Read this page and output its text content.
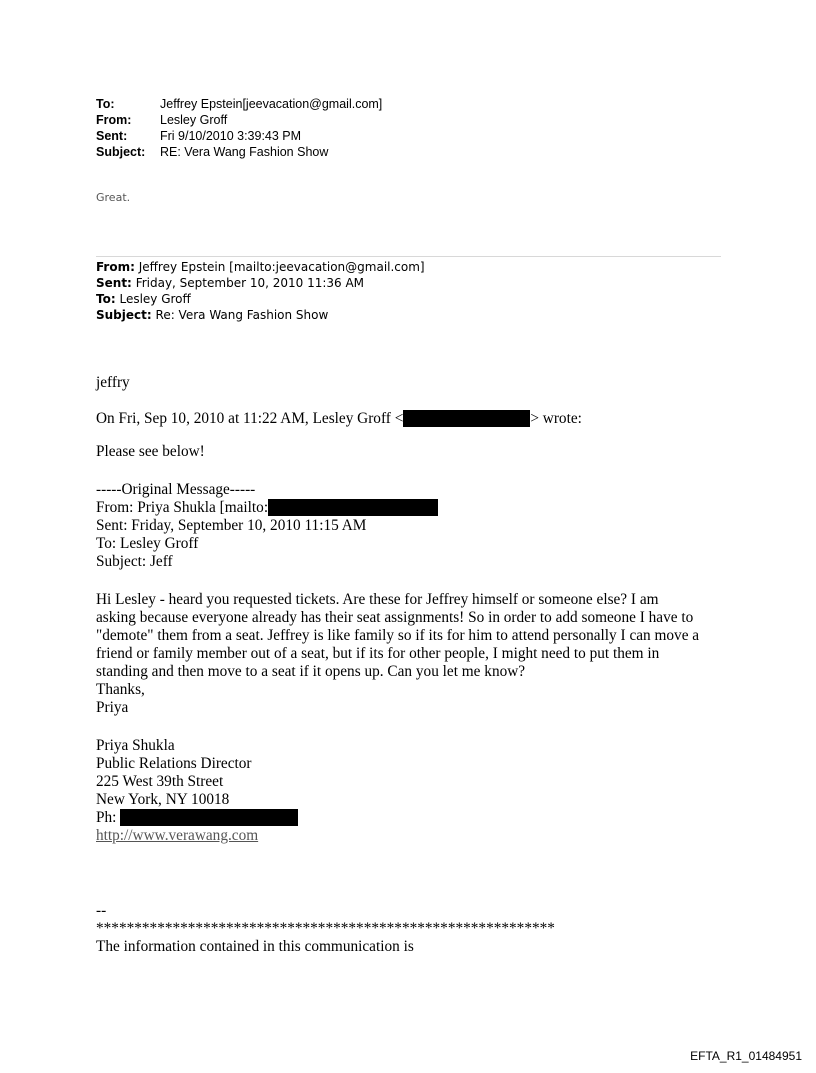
To:	Jeffrey Epstein[jeevacation@gmail.com]
From:	Lesley Groff
Sent:	Fri 9/10/2010 3:39:43 PM
Subject:	RE: Vera Wang Fashion Show
Great.
From: Jeffrey Epstein [mailto:jeevacation@gmail.com]
Sent: Friday, September 10, 2010 11:36 AM
To: Lesley Groff
Subject: Re: Vera Wang Fashion Show
jeffry
On Fri, Sep 10, 2010 at 11:22 AM, Lesley Groff <	> wrote:
Please see below!
-----Original Message-----
From: Priya Shukla [mailto:
Sent: Friday, September 10, 2010 11:15 AM
To: Lesley Groff
Subject: Jeff
Hi Lesley - heard you requested tickets. Are these for Jeffrey himself or someone else? I am
asking because everyone already has their seat assignments! So in order to add someone I have to
"demote" them from a seat. Jeffrey is like family so if its for him to attend personally I can move a
friend or family member out of a seat, but if its for other people, I might need to put them in
standing and then move to a seat if it opens up. Can you let me know?
Thanks,
Priya
Priya Shukla
Public Relations Director
225 West 39th Street
New York, NY 10018
Ph:
http://www.verawang.com
--
************************************************************
The information contained in this communication is
EFTA_R1_01484951
